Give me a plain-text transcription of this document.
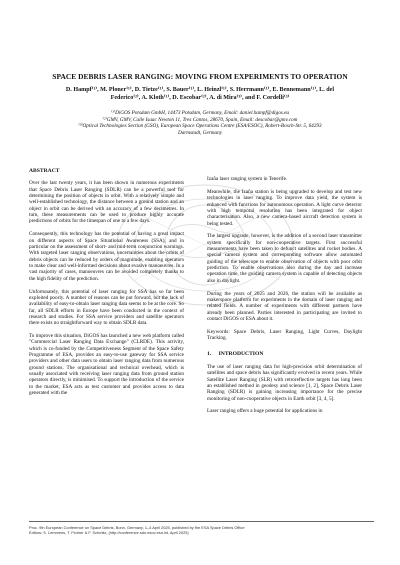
SPACE DEBRIS LASER RANGING: MOVING FROM EXPERIMENTS TO OPERATION
D. Hampf⁽¹⁾, M. Ploner⁽¹⁾, D. Tietze⁽¹⁾, S. Bauer⁽¹⁾, L. Heinzl⁽¹⁾, S. Herrmann⁽¹⁾, E. Bennemann⁽¹⁾, L. del
Federico⁽²⁾, A. Kloth⁽¹⁾, D. Escobar⁽²⁾, A. di Mira⁽³⁾, and F. Cordelli⁽³⁾
⁽¹⁾DiGOS Potsdam GmbH, 14473 Potsdam, Germany, Email: daniel.hampf@digos.eu
⁽²⁾GMV, GMV, Calle Isaac Newton 11, Tres Cantos, 28670, Spain, Email: descobar@gmv.com
⁽³⁾Optical Technologies Section (GSO), European Space Operations Centre (ESA/ESOC), Robert-Bosch-Str. 5, 64293
Darmstadt, Germany
ABSTRACT

Over the last twenty years, it has been shown in numerous experiments that Space Debris Laser Ranging (SDLR) can be a powerful tool for determining the position of objects in orbit. With a relatively simple and well-established technology, the distance between a ground station and an object in orbit can be derived with an accuracy of a few decimetres. In turn, these measurements can be used to produce highly accurate predictions of orbits for the timespan of one to a few days.

Consequently, this technology has the potential of having a great impact on different aspects of Space Situational Awareness (SSA), and in particular on the assessment of short- and mid-term conjunction warnings. With targeted laser ranging observations, uncertainties about the orbits of debris objects can be reduced by orders of magnitude, enabling operators to make clear and well-informed decisions about evasive manoeuvres. In a vast majority of cases, manoeuvres can be avoided completely thanks to the high fidelity of the prediction.

Unfortunately, this potential of laser ranging for SSA has so far been exploited poorly. A number of reasons can be put forward, but the lack of availability of easy-to-obtain laser ranging data seems to be at the core. So far, all SDLR efforts in Europe have been conducted in the context of research and studies. For SSA service providers and satellite operators there exists no straightforward way to obtain SDLR data.

To improve this situation, DiGOS has launched a new web platform called "Commercial Laser Ranging Data Exchange" (CLRDE). This activity, which is co-funded by the Competitiveness Segment of the Space Safety Programme of ESA, provides an easy-to-use gateway for SSA service providers and other data users to obtain laser ranging data from numerous ground stations. The organisational and technical overhead, which is usually associated with receiving laser ranging data from ground station operators directly, is minimised. To support the introduction of the service to the market, ESA acts as test customer and provides access to data generated with the

Izaña laser ranging system in Tenerife.

Meanwhile, the Izaña station is being upgraded to develop and test new technologies in laser ranging. To improve data yield, the system is enhanced with functions for autonomous operation. A light curve detector with high temporal resolution has been integrated for object characterisation. Also, a new camera-based aircraft detection system is being tested.

The largest upgrade, however, is the addition of a second laser transmitter system specifically for non-cooperative targets. First successful measurements have been taken to defunct satellites and rocket bodies. A special camera system and corresponding software allow automated guiding of the telescope to enable observation of objects with poor orbit prediction. To enable observations also during the day and increase operation time, the guiding camera system is capable of detecting objects also in daylight.

During the years of 2025 and 2026, the station will be available as makerspace platform for experiments in the domain of laser ranging and related fields. A number of experiments with different partners have already been planned. Parties interested in participating are invited to contact DiGOS or ESA about it.

Keywords: Space Debris, Laser Ranging, Light Curves, Daylight Tracking.

1. INTRODUCTION

The use of laser ranging data for high-precision orbit determination of satellites and space debris has significantly evolved in recent years. While Satellite Laser Ranging (SLR) with retroreflective targets has long been an established method in geodesy and science [1, 2], Space Debris Laser Ranging (SDLR) is gaining increasing importance for the precise monitoring of non-cooperative objects in Earth orbit [3, 4, 5].

Laser ranging offers a huge potential for applications in

Proc. 9th European Conference on Space Debris, Bonn, Germany, 1–4 April 2025, published by the ESA Space Debris Office
Editors: S. Lemmens, T. Flohrer & F. Schmitz, (http://conference.sdo.esoc.esa.int, April 2025)
